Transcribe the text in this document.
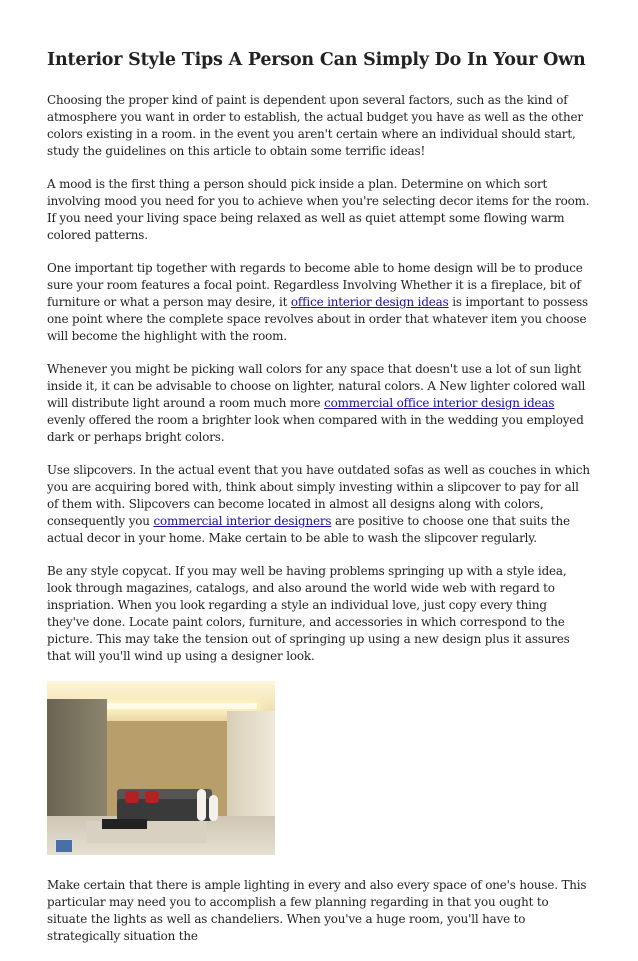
Interior Style Tips A Person Can Simply Do In Your Own

Choosing the proper kind of paint is dependent upon several factors, such as the kind of atmosphere you want in order to establish, the actual budget you have as well as the other colors existing in a room. in the event you aren't certain where an individual should start, study the guidelines on this article to obtain some terrific ideas!

A mood is the first thing a person should pick inside a plan. Determine on which sort involving mood you need for you to achieve when you're selecting decor items for the room. If you need your living space being relaxed as well as quiet attempt some flowing warm colored patterns.

One important tip together with regards to become able to home design will be to produce sure your room features a focal point. Regardless Involving Whether it is a fireplace, bit of furniture or what a person may desire, it office interior design ideas is important to possess one point where the complete space revolves about in order that whatever item you choose will become the highlight with the room.

Whenever you might be picking wall colors for any space that doesn't use a lot of sun light inside it, it can be advisable to choose on lighter, natural colors. A New lighter colored wall will distribute light around a room much more commercial office interior design ideas evenly offered the room a brighter look when compared with in the wedding you employed dark or perhaps bright colors.

Use slipcovers. In the actual event that you have outdated sofas as well as couches in which you are acquiring bored with, think about simply investing within a slipcover to pay for all of them with. Slipcovers can become located in almost all designs along with colors, consequently you commercial interior designers are positive to choose one that suits the actual decor in your home. Make certain to be able to wash the slipcover regularly.

Be any style copycat. If you may well be having problems springing up with a style idea, look through magazines, catalogs, and also around the world wide web with regard to inspriation. When you look regarding a style an individual love, just copy every thing they've done. Locate paint colors, furniture, and accessories in which correspond to the picture. This may take the tension out of springing up using a new design plus it assures that will you'll wind up using a designer look.

Make certain that there is ample lighting in every and also every space of one's house. This particular may need you to accomplish a few planning regarding in that you ought to situate the lights as well as chandeliers. When you've a huge room, you'll have to strategically situation the
